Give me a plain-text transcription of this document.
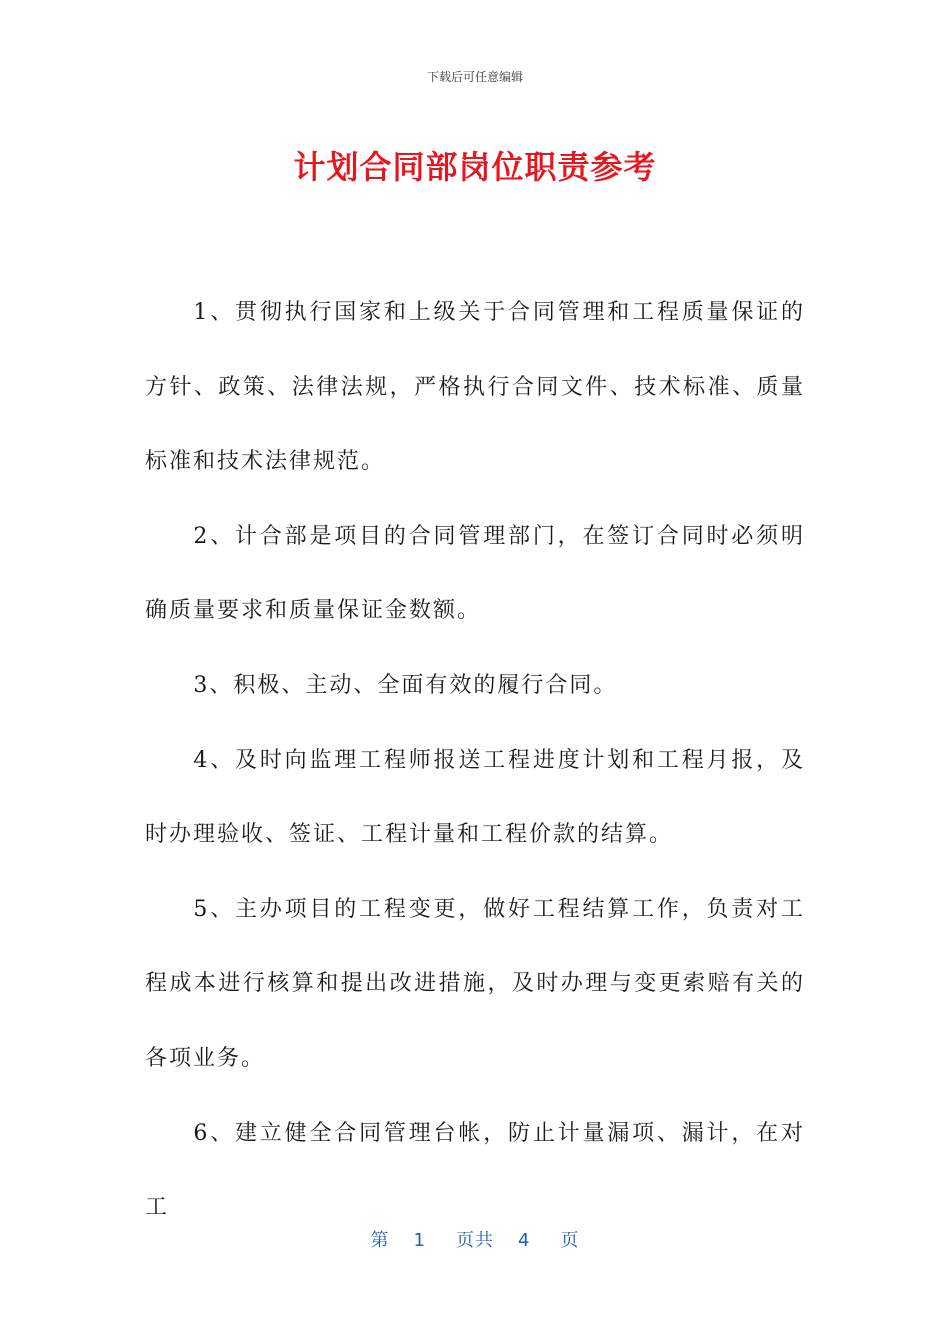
下载后可任意编辑
计划合同部岗位职责参考

1、贯彻执行国家和上级关于合同管理和工程质量保证的方针、政策、法律法规，严格执行合同文件、技术标准、质量标准和技术法律规范。

2、计合部是项目的合同管理部门，在签订合同时必须明确质量要求和质量保证金数额。

3、积极、主动、全面有效的履行合同。

4、及时向监理工程师报送工程进度计划和工程月报，及时办理验收、签证、工程计量和工程价款的结算。

5、主办项目的工程变更，做好工程结算工作，负责对工程成本进行核算和提出改进措施，及时办理与变更索赔有关的各项业务。

6、建立健全合同管理台帐，防止计量漏项、漏计，在对工

第 1 页共 4 页
